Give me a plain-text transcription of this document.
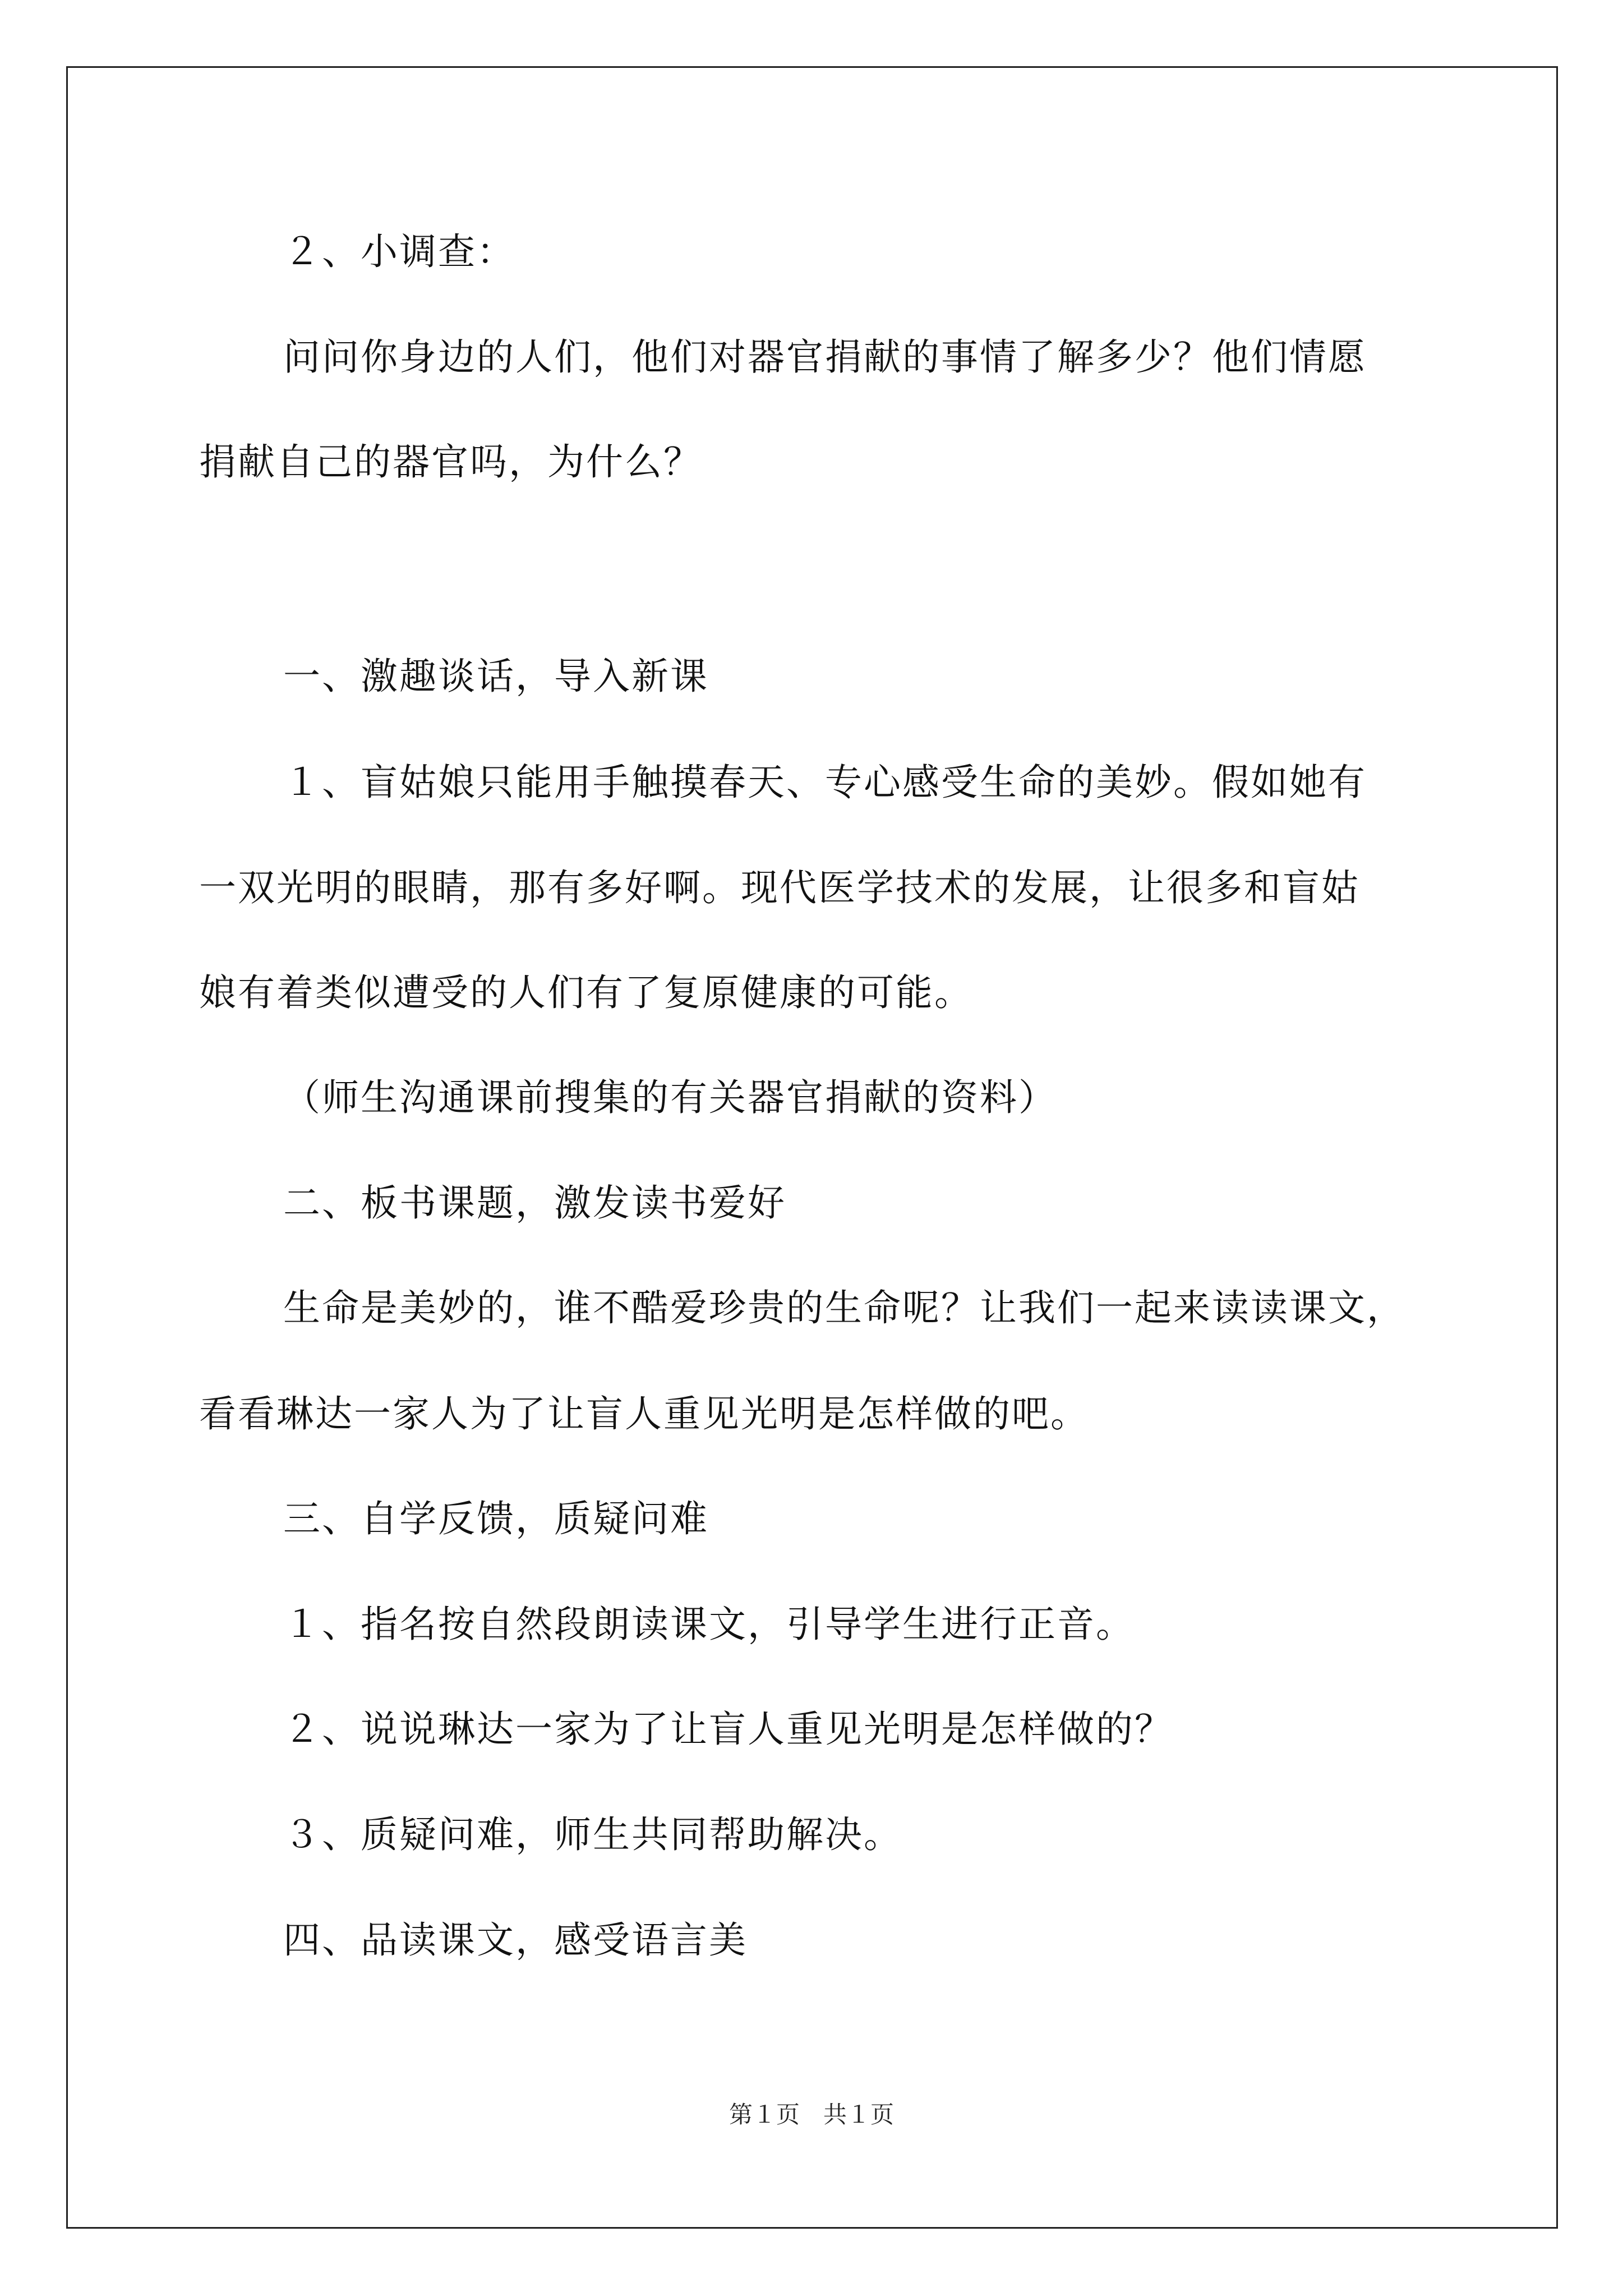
２、小调查：
问问你身边的人们，他们对器官捐献的事情了解多少？他们情愿
捐献自己的器官吗，为什么？
一、激趣谈话，导入新课
１、盲姑娘只能用手触摸春天、专心感受生命的美妙。假如她有
一双光明的眼睛，那有多好啊。现代医学技术的发展，让很多和盲姑
娘有着类似遭受的人们有了复原健康的可能。
（师生沟通课前搜集的有关器官捐献的资料）
二、板书课题，激发读书爱好
生命是美妙的，谁不酷爱珍贵的生命呢？让我们一起来读读课文，
看看琳达一家人为了让盲人重见光明是怎样做的吧。
三、自学反馈，质疑问难
１、指名按自然段朗读课文，引导学生进行正音。
２、说说琳达一家为了让盲人重见光明是怎样做的？
３、质疑问难，师生共同帮助解决。
四、品读课文，感受语言美
第１页　共１页
